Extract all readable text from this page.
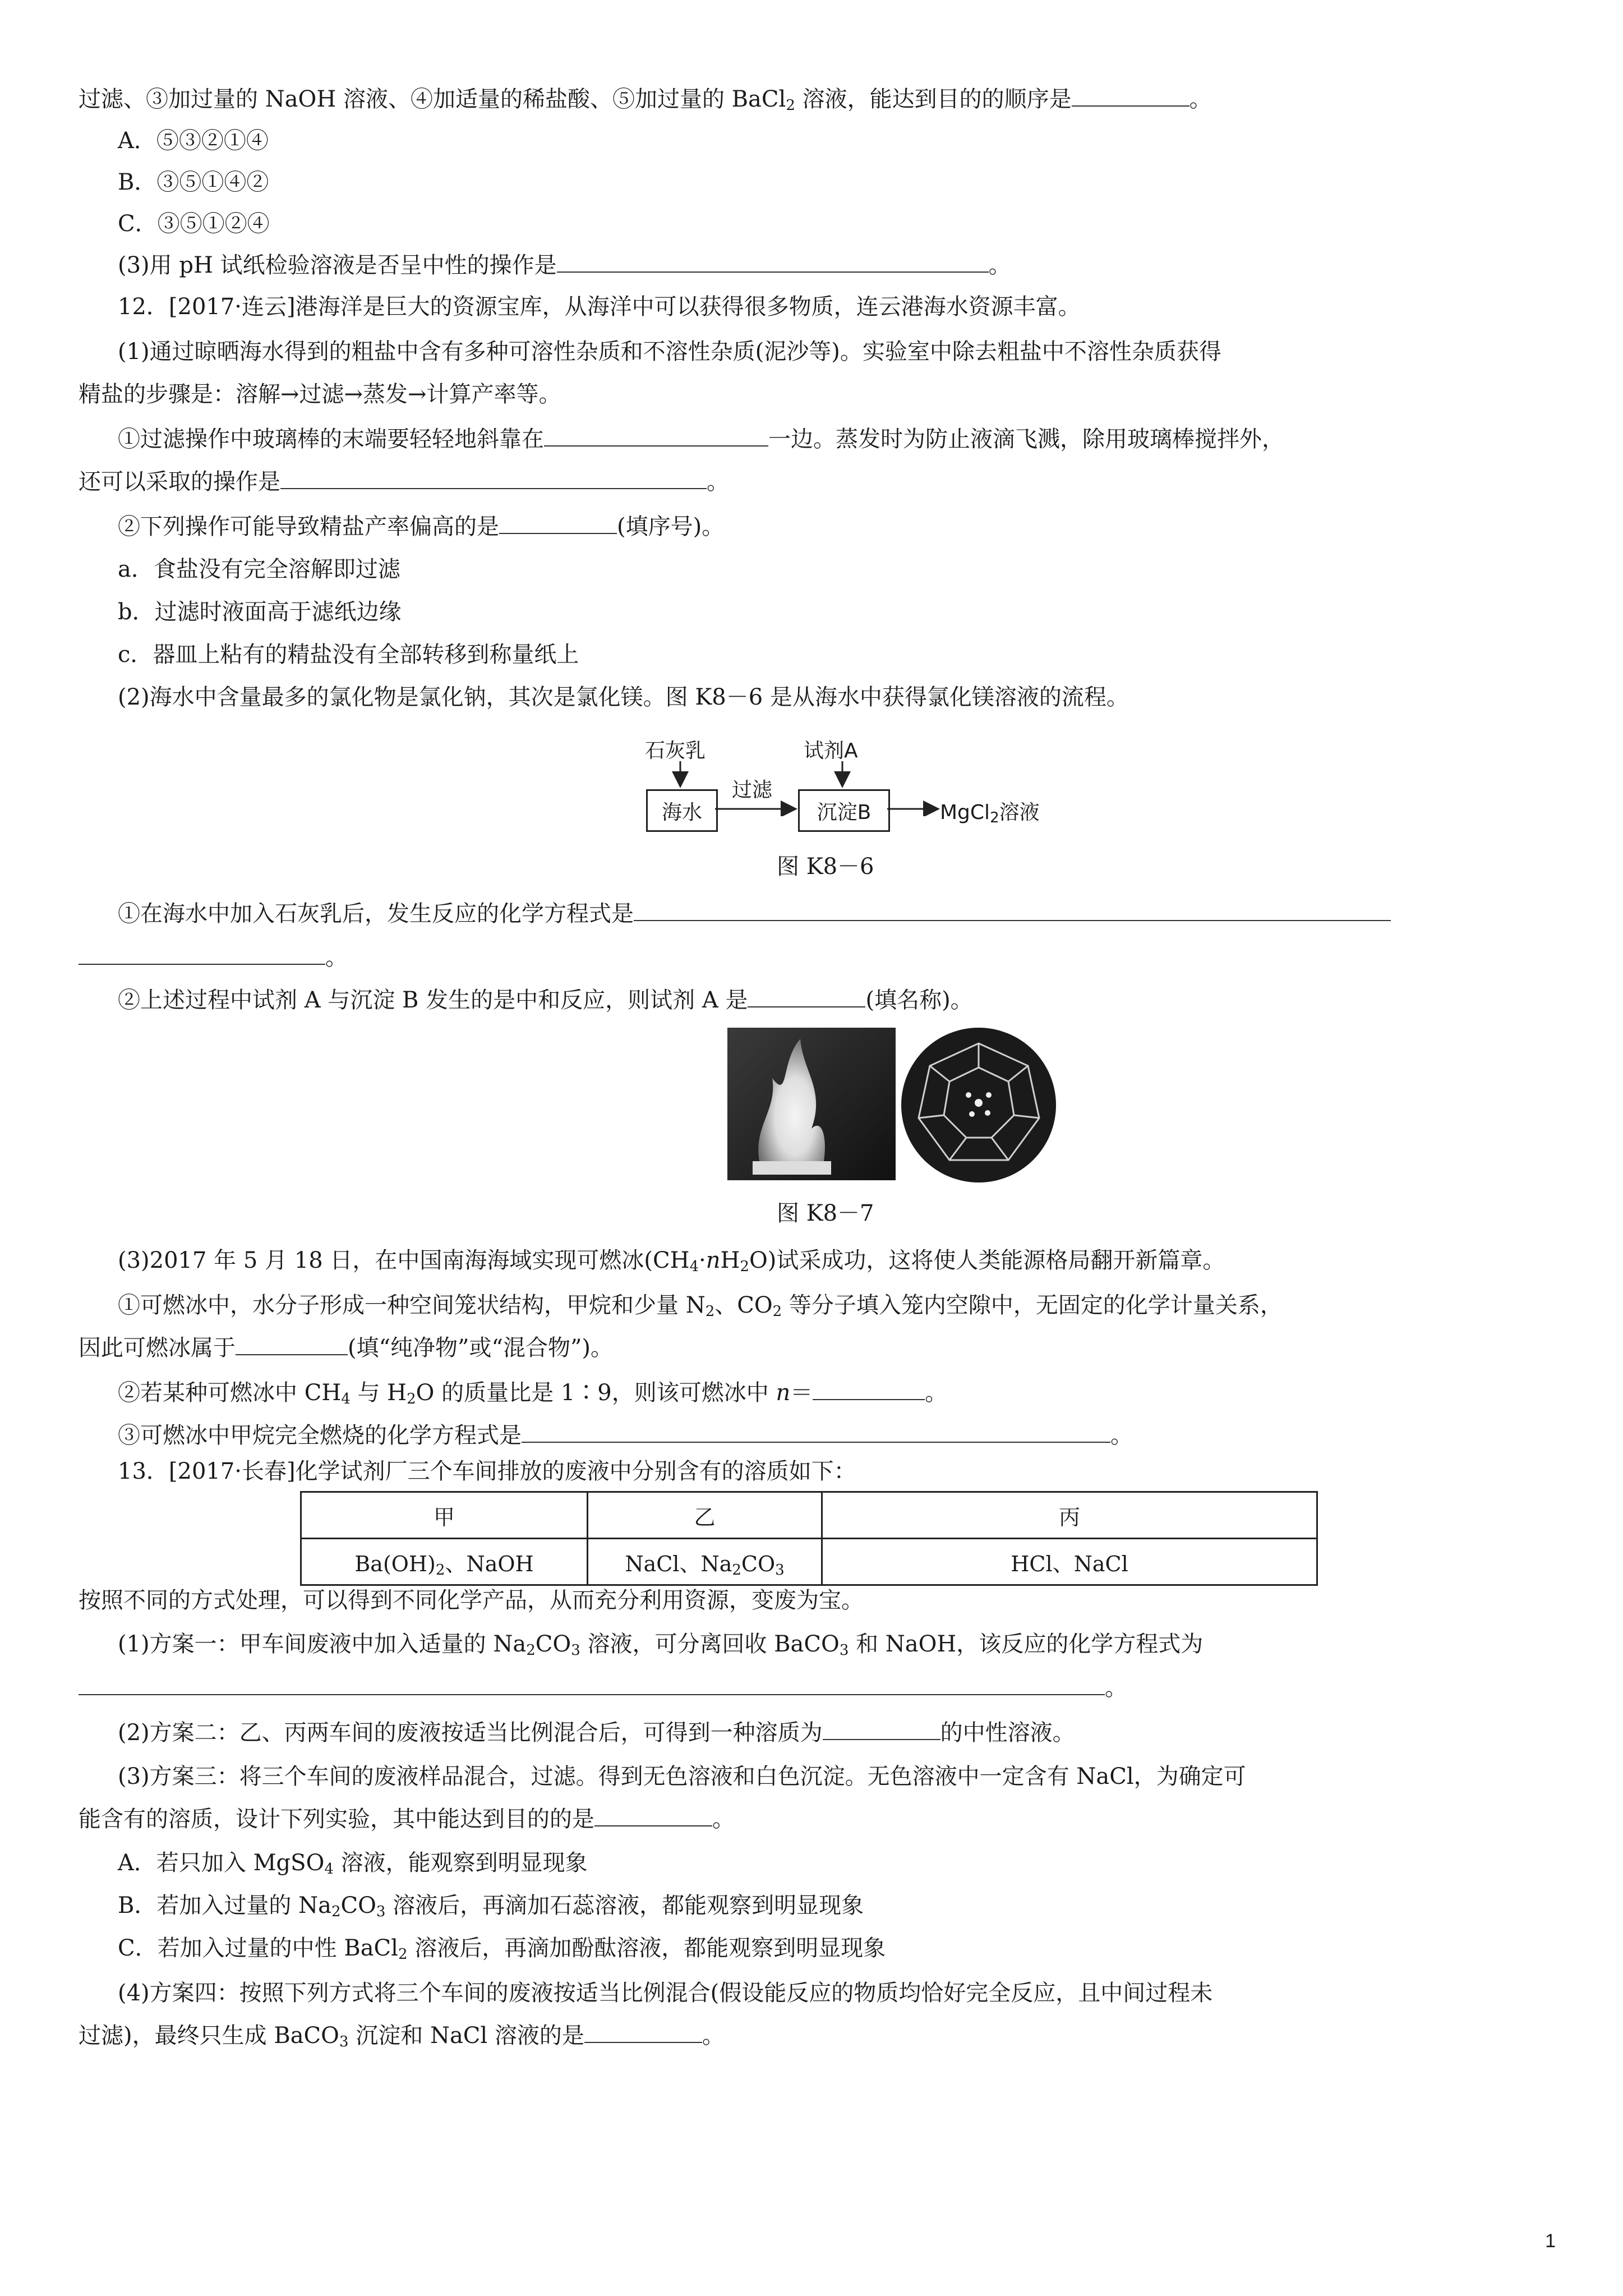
过滤、③加过量的 NaOH 溶液、④加适量的稀盐酸、⑤加过量的 BaCl$_2$ 溶液，能达到目的的顺序是	。
A．⑤③②①④
B．③⑤①④②
C．③⑤①②④
(3)用 pH 试纸检验溶液是否呈中性的操作是	。
12．[2017·连云]港海洋是巨大的资源宝库，从海洋中可以获得很多物质，连云港海水资源丰富。
(1)通过晾晒海水得到的粗盐中含有多种可溶性杂质和不溶性杂质(泥沙等)。实验室中除去粗盐中不溶性杂质获得
精盐的步骤是：溶解→过滤→蒸发→计算产率等。
①过滤操作中玻璃棒的末端要轻轻地斜靠在	一边。蒸发时为防止液滴飞溅，除用玻璃棒搅拌外，
还可以采取的操作是	。
②下列操作可能导致精盐产率偏高的是	(填序号)。
a．食盐没有完全溶解即过滤
b．过滤时液面高于滤纸边缘
c．器皿上粘有的精盐没有全部转移到称量纸上
(2)海水中含量最多的氯化物是氯化钠，其次是氯化镁。图 K8－6 是从海水中获得氯化镁溶液的流程。
石灰乳	试剂A
过滤
海水	沉淀B	MgCl$_2$溶液
图 K8－6
①在海水中加入石灰乳后，发生反应的化学方程式是
。
②上述过程中试剂 A 与沉淀 B 发生的是中和反应，则试剂 A 是	(填名称)。
图 K8－7
(3)2017 年 5 月 18 日，在中国南海海域实现可燃冰$(CH_4\cdot nH_2O)$试采成功，这将使人类能源格局翻开新篇章。
①可燃冰中，水分子形成一种空间笼状结构，甲烷和少量 $N_2$、$CO_2$ 等分子填入笼内空隙中，无固定的化学计量关系，
因此可燃冰属于	(填“纯净物”或“混合物”)。
②若某种可燃冰中 $CH_4$ 与 $H_2O$ 的质量比是 1∶9，则该可燃冰中 n＝	。
③可燃冰中甲烷完全燃烧的化学方程式是	。
13．[2017·长春]化学试剂厂三个车间排放的废液中分别含有的溶质如下：
甲	乙	丙
$Ba(OH)_2$、NaOH	NaCl、$Na_2CO_3$	HCl、NaCl
按照不同的方式处理，可以得到不同化学产品，从而充分利用资源，变废为宝。
(1)方案一：甲车间废液中加入适量的 $Na_2CO_3$ 溶液，可分离回收 BaCO$_3$ 和 NaOH，该反应的化学方程式为
。
(2)方案二：乙、丙两车间的废液按适当比例混合后，可得到一种溶质为	的中性溶液。
(3)方案三：将三个车间的废液样品混合，过滤。得到无色溶液和白色沉淀。无色溶液中一定含有 NaCl，为确定可
能含有的溶质，设计下列实验，其中能达到目的的是	。
A．若只加入 MgSO$_4$ 溶液，能观察到明显现象
B．若加入过量的 $Na_2CO_3$ 溶液后，再滴加石蕊溶液，都能观察到明显现象
C．若加入过量的中性 BaCl$_2$ 溶液后，再滴加酚酞溶液，都能观察到明显现象
(4)方案四：按照下列方式将三个车间的废液按适当比例混合(假设能反应的物质均恰好完全反应，且中间过程未
过滤)，最终只生成 BaCO$_3$ 沉淀和 NaCl 溶液的是	。
1
